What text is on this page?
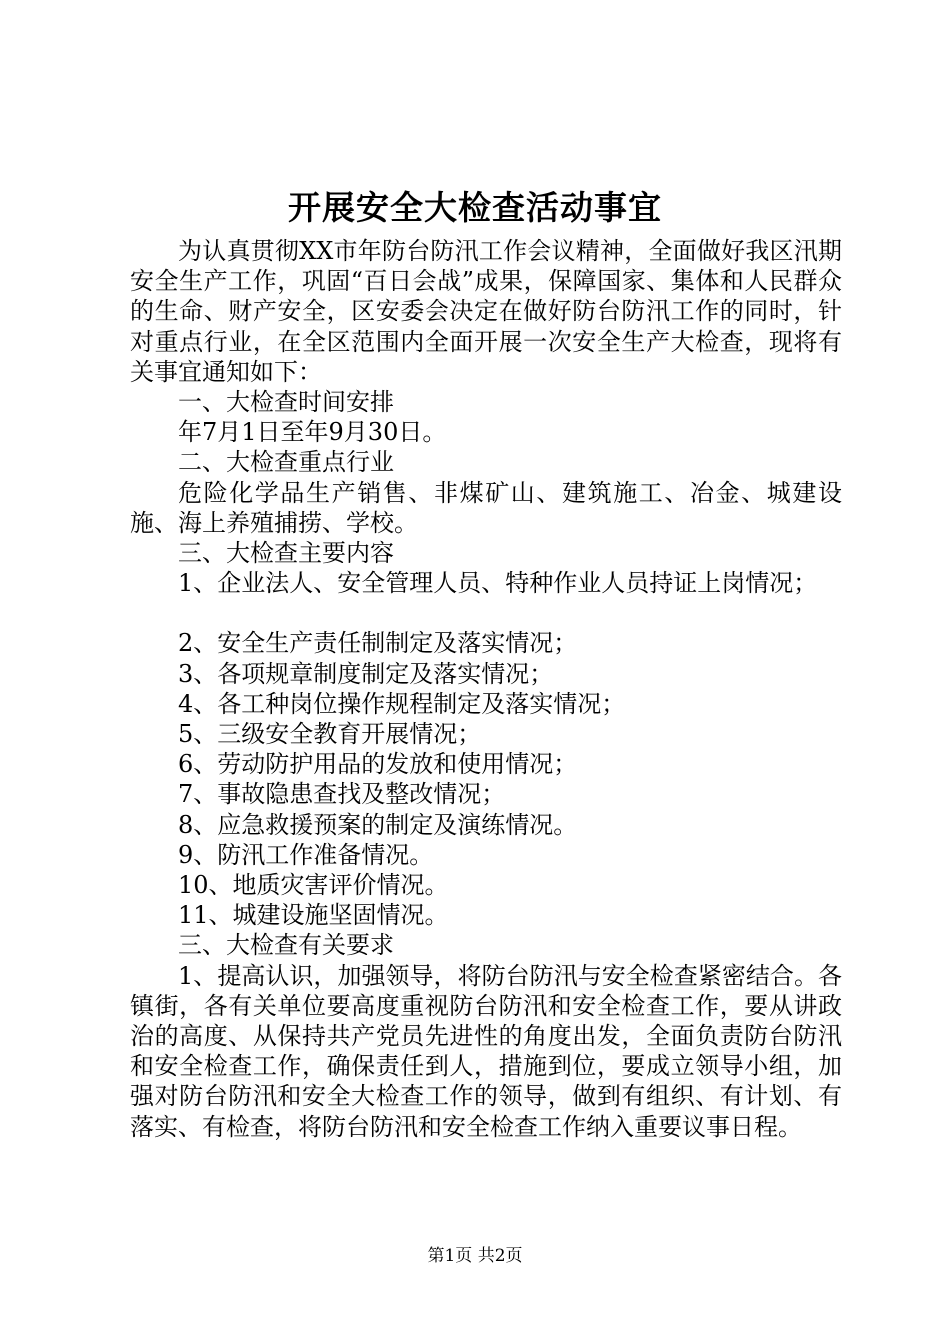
开展安全大检查活动事宜

为认真贯彻XX市年防台防汛工作会议精神，全面做好我区汛期安全生产工作，巩固“百日会战”成果，保障国家、集体和人民群众的生命、财产安全，区安委会决定在做好防台防汛工作的同时，针对重点行业，在全区范围内全面开展一次安全生产大检查，现将有关事宜通知如下：

一、大检查时间安排

年7月1日至年9月30日。

二、大检查重点行业

危险化学品生产销售、非煤矿山、建筑施工、冶金、城建设施、海上养殖捕捞、学校。

三、大检查主要内容

1、企业法人、安全管理人员、特种作业人员持证上岗情况；

2、安全生产责任制制定及落实情况；

3、各项规章制度制定及落实情况；

4、各工种岗位操作规程制定及落实情况；

5、三级安全教育开展情况；

6、劳动防护用品的发放和使用情况；

7、事故隐患查找及整改情况；

8、应急救援预案的制定及演练情况。

9、防汛工作准备情况。

10、地质灾害评价情况。

11、城建设施坚固情况。

三、大检查有关要求

1、提高认识，加强领导，将防台防汛与安全检查紧密结合。各镇街，各有关单位要高度重视防台防汛和安全检查工作，要从讲政治的高度、从保持共产党员先进性的角度出发，全面负责防台防汛和安全检查工作，确保责任到人，措施到位，要成立领导小组，加强对防台防汛和安全大检查工作的领导，做到有组织、有计划、有落实、有检查，将防台防汛和安全检查工作纳入重要议事日程。

第1页 共2页
